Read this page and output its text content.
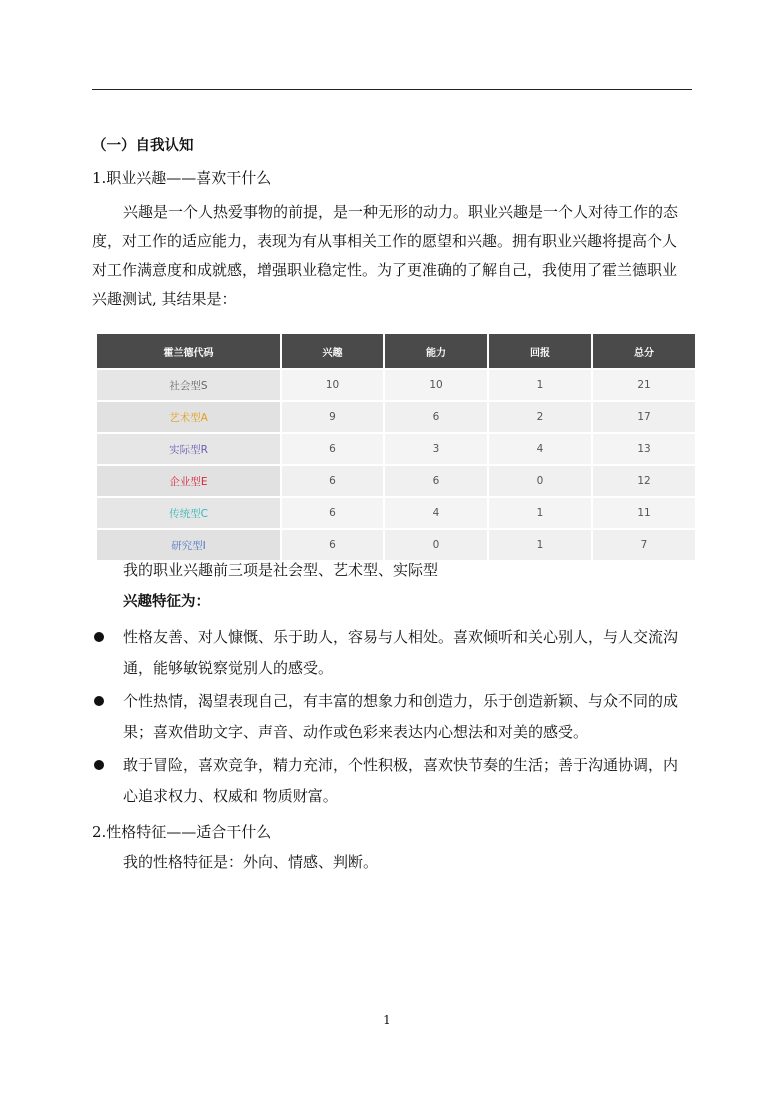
（一）自我认知
1.职业兴趣——喜欢干什么
兴趣是一个人热爱事物的前提，是一种无形的动力。职业兴趣是一个人对待工作的态
度，对工作的适应能力，表现为有从事相关工作的愿望和兴趣。拥有职业兴趣将提高个人
对工作满意度和成就感，增强职业稳定性。为了更准确的了解自己，我使用了霍兰德职业
兴趣测试, 其结果是：
霍兰德代码	兴趣	能力	回报	总分
社会型S	10	10	1	21
艺术型A	9	6	2	17
实际型R	6	3	4	13
企业型E	6	6	0	12
传统型C	6	4	1	11
研究型I	6	0	1	7
我的职业兴趣前三项是社会型、艺术型、实际型
兴趣特征为：
性格友善、对人慷慨、乐于助人，容易与人相处。喜欢倾听和关心别人，与人交流沟
通，能够敏锐察觉别人的感受。
个性热情，渴望表现自己，有丰富的想象力和创造力，乐于创造新颖、与众不同的成
果；喜欢借助文字、声音、动作或色彩来表达内心想法和对美的感受。
敢于冒险，喜欢竞争，精力充沛，个性积极，喜欢快节奏的生活；善于沟通协调，内
心追求权力、权威和 物质财富。
2.性格特征——适合干什么
我的性格特征是：外向、情感、判断。
1
